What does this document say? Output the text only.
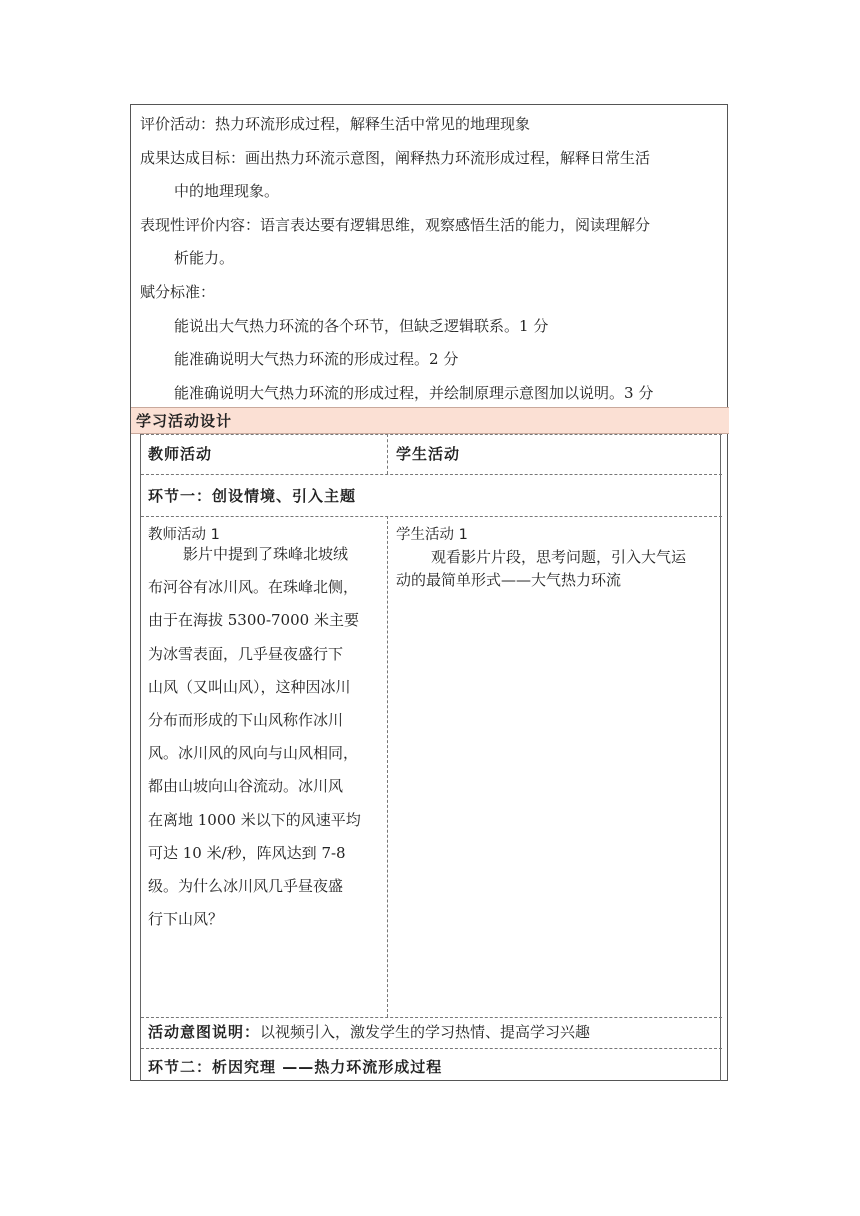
评价活动：热力环流形成过程，解释生活中常见的地理现象
成果达成目标：画出热力环流示意图，阐释热力环流形成过程，解释日常生活
中的地理现象。
表现性评价内容：语言表达要有逻辑思维，观察感悟生活的能力，阅读理解分
析能力。
赋分标准：
能说出大气热力环流的各个环节，但缺乏逻辑联系。1 分
能准确说明大气热力环流的形成过程。2 分
能准确说明大气热力环流的形成过程，并绘制原理示意图加以说明。3 分
学习活动设计
教师活动	学生活动
环节一：创设情境、引入主题
教师活动 1
影片中提到了珠峰北坡绒
布河谷有冰川风。在珠峰北侧，
由于在海拔 5300-7000 米主要
为冰雪表面，几乎昼夜盛行下
山风（又叫山风），这种因冰川
分布而形成的下山风称作冰川
风。冰川风的风向与山风相同，
都由山坡向山谷流动。冰川风
在离地 1000 米以下的风速平均
可达 10 米/秒，阵风达到 7-8
级。为什么冰川风几乎昼夜盛
行下山风？
学生活动 1
观看影片片段，思考问题，引入大气运
动的最简单形式——大气热力环流
活动意图说明：以视频引入，激发学生的学习热情、提高学习兴趣
环节二：析因究理 ——热力环流形成过程
